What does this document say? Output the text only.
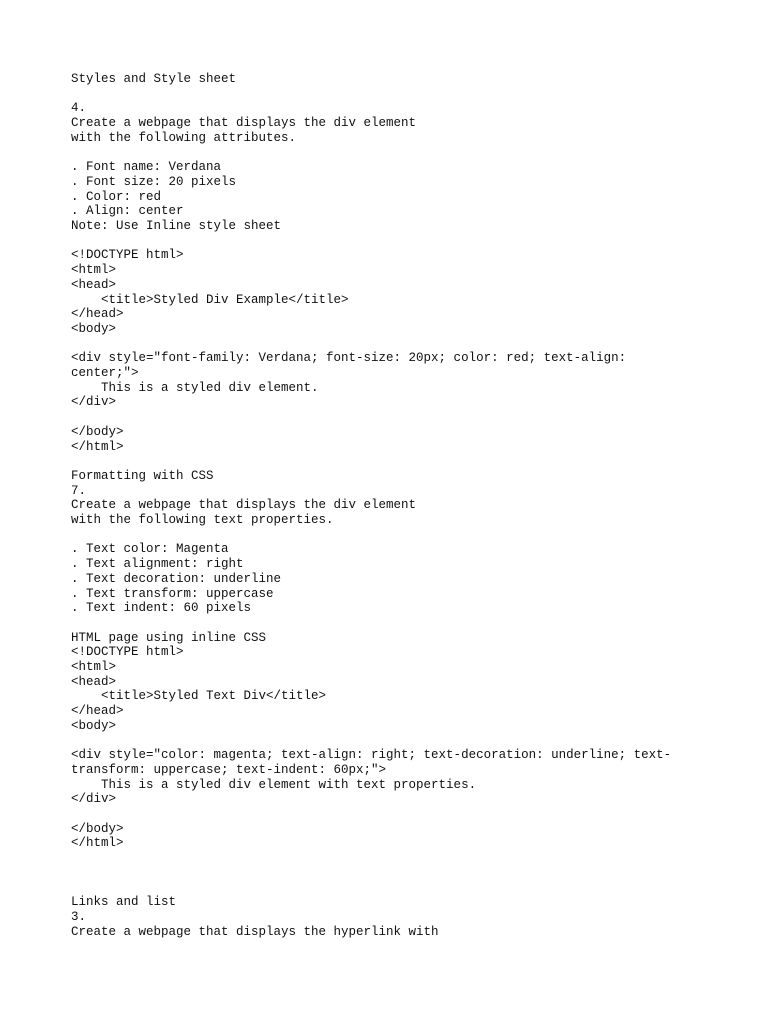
Styles and Style sheet
4.
Create a webpage that displays the div element
with the following attributes.
. Font name: Verdana
. Font size: 20 pixels
. Color: red
. Align: center
Note: Use Inline style sheet
<!DOCTYPE html>
<html>
<head>
<title>Styled Div Example</title>
</head>
<body>
<div style="font-family: Verdana; font-size: 20px; color: red; text-align:
center;">
This is a styled div element.
</div>
</body>
</html>
Formatting with CSS
7.
Create a webpage that displays the div element
with the following text properties.
. Text color: Magenta
. Text alignment: right
. Text decoration: underline
. Text transform: uppercase
. Text indent: 60 pixels
HTML page using inline CSS
<!DOCTYPE html>
<html>
<head>
<title>Styled Text Div</title>
</head>
<body>
<div style="color: magenta; text-align: right; text-decoration: underline; text-
transform: uppercase; text-indent: 60px;">
This is a styled div element with text properties.
</div>
</body>
</html>
Links and list
3.
Create a webpage that displays the hyperlink with
